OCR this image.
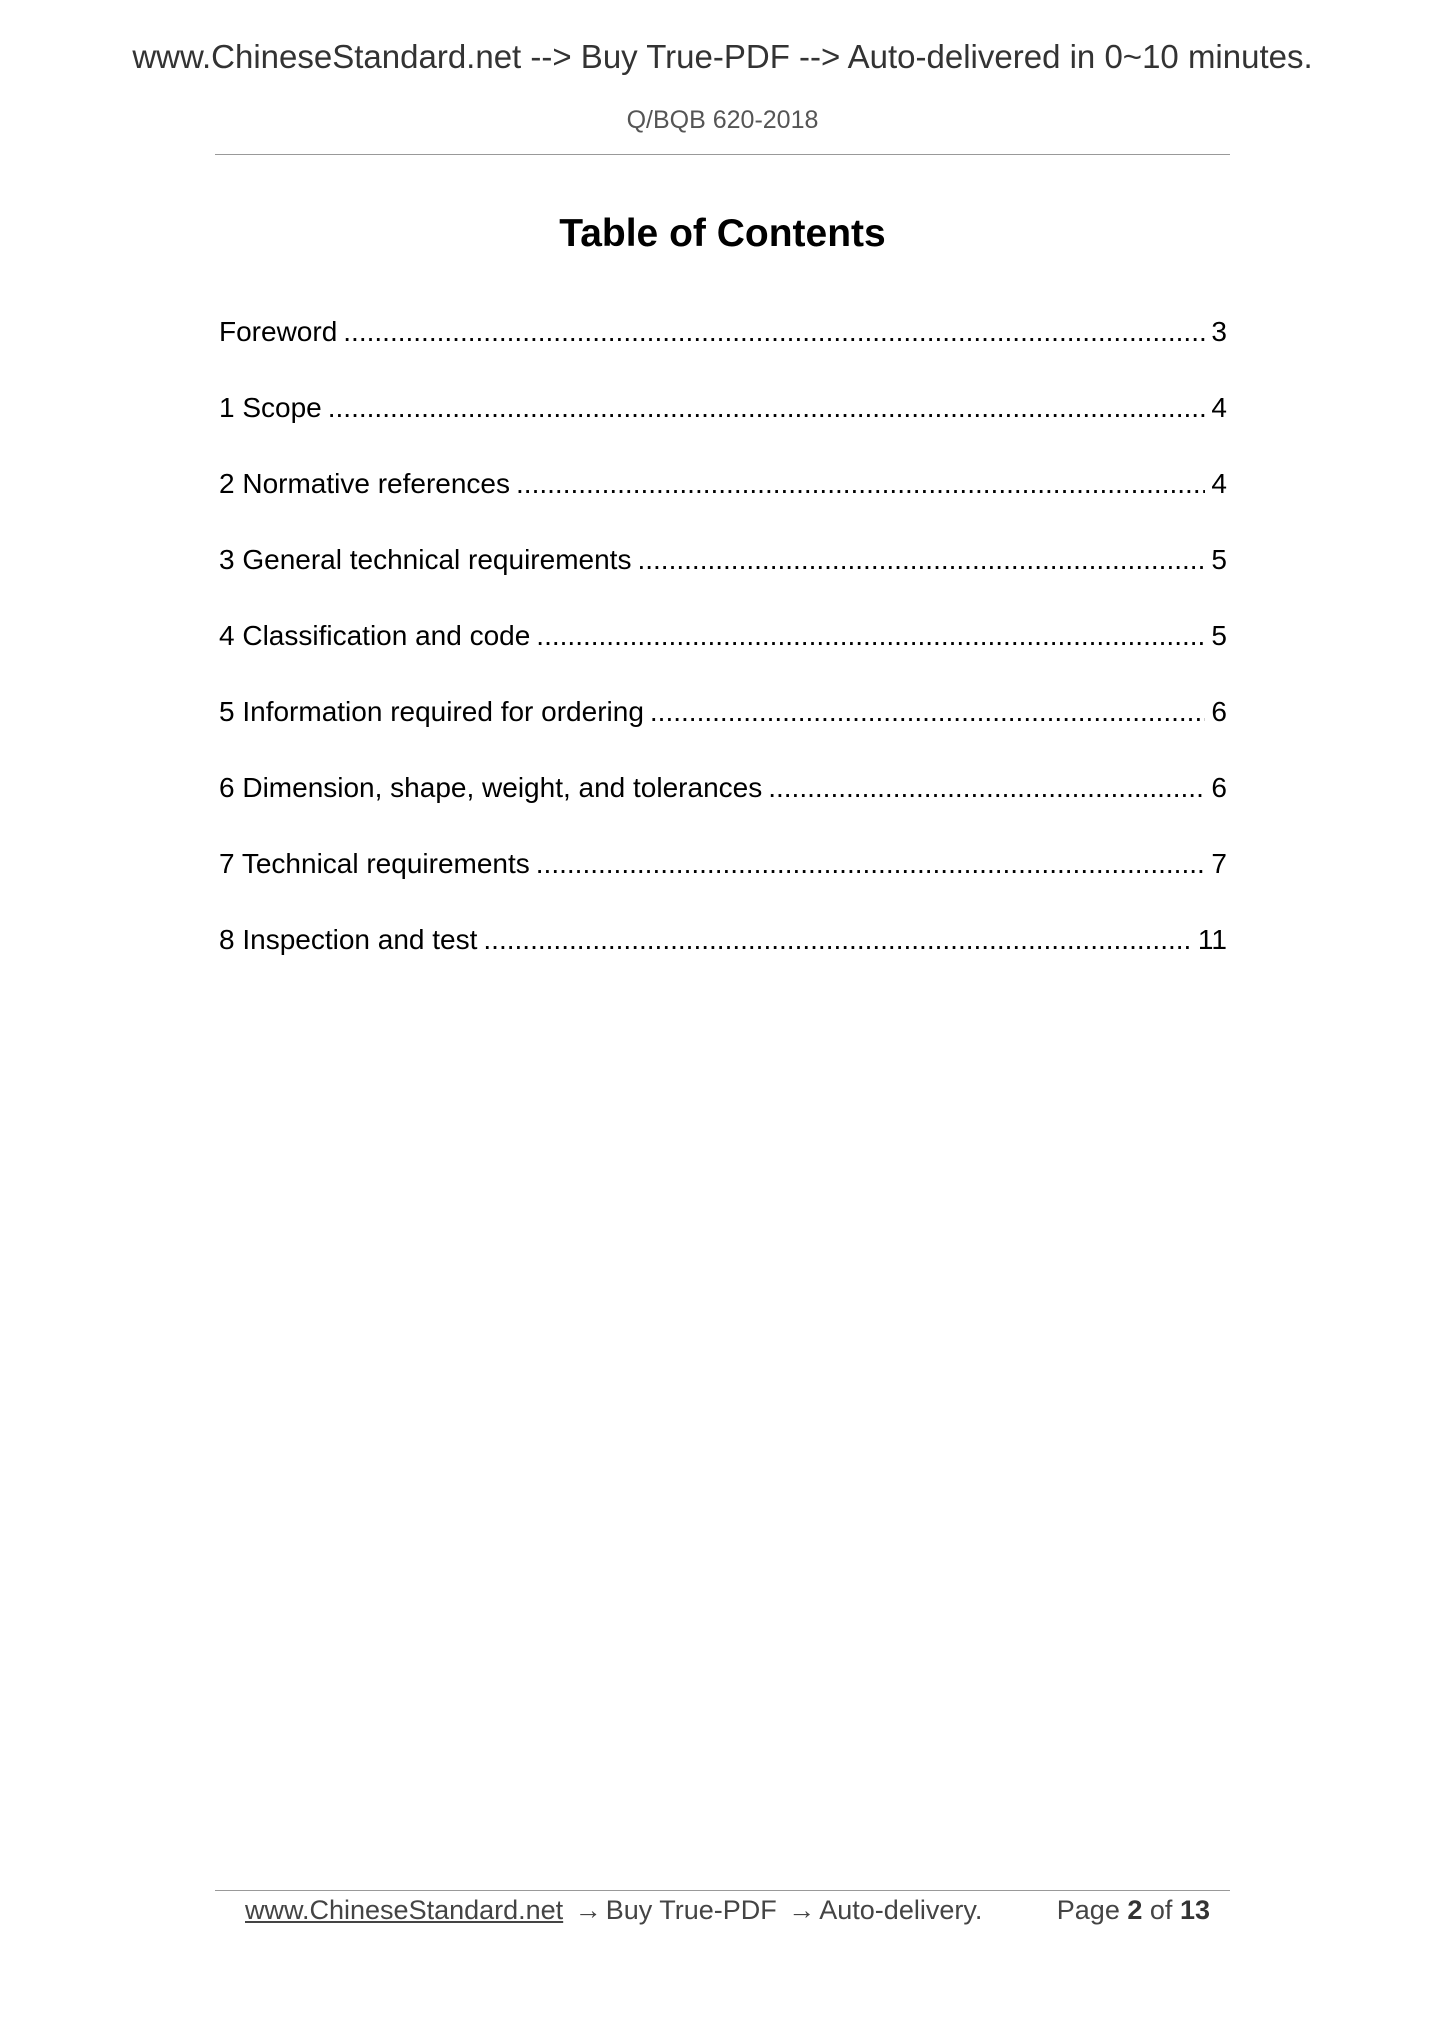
www.ChineseStandard.net --> Buy True-PDF --> Auto-delivered in 0~10 minutes.
Q/BQB 620-2018
Table of Contents
Foreword .....	3
1 Scope .....	4
2 Normative references .....	4
3 General technical requirements .....	5
4 Classification and code .....	5
5 Information required for ordering .....	6
6 Dimension, shape, weight, and tolerances .....	6
7 Technical requirements .....	7
8 Inspection and test .....	11
www.ChineseStandard.net → Buy True-PDF → Auto-delivery.	Page 2 of 13
